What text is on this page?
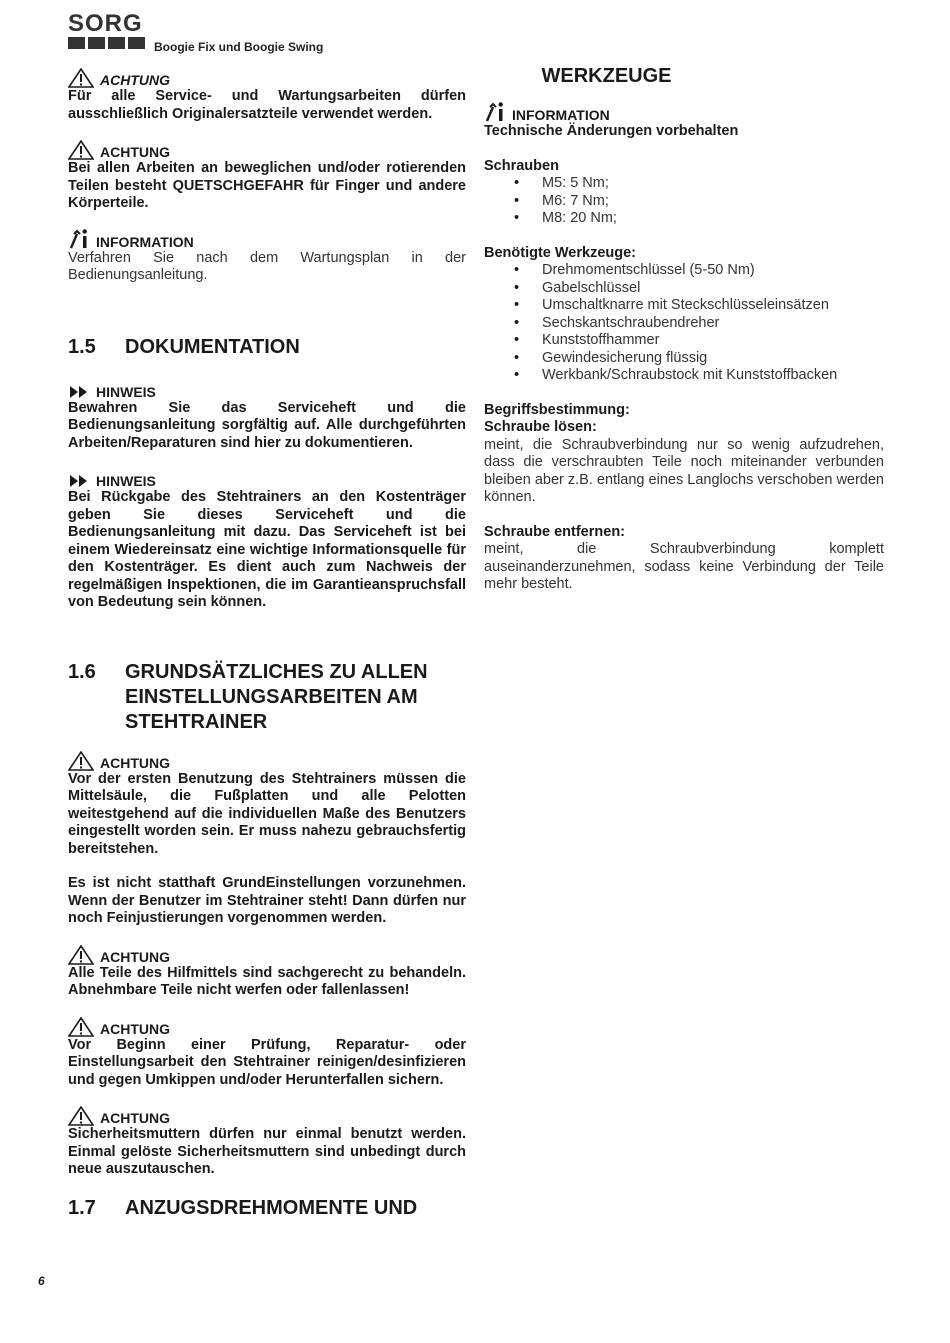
SORG
Boogie Fix und Boogie Swing
ACHTUNG
Für alle Service- und Wartungsarbeiten dürfen ausschließlich Originalersatzteile verwendet werden.
ACHTUNG
Bei allen Arbeiten an beweglichen und/oder rotierenden Teilen besteht QUETSCHGEFAHR für Finger und andere Körperteile.
INFORMATION
Verfahren Sie nach dem Wartungsplan in der Bedienungsanleitung.
1.5	DOKUMENTATION
HINWEIS
Bewahren Sie das Serviceheft und die Bedienungsanleitung sorgfältig auf. Alle durchgeführten Arbeiten/Reparaturen sind hier zu dokumentieren.
HINWEIS
Bei Rückgabe des Stehtrainers an den Kostenträger geben Sie dieses Serviceheft und die Bedienungsanleitung mit dazu. Das Serviceheft ist bei einem Wiedereinsatz eine wichtige Informationsquelle für den Kostenträger. Es dient auch zum Nachweis der regelmäßigen Inspektionen, die im Garantieanspruchsfall von Bedeutung sein können.
1.6	GRUNDSÄTZLICHES ZU ALLEN EINSTELLUNGSARBEITEN AM STEHTRAINER
ACHTUNG
Vor der ersten Benutzung des Stehtrainers müssen die Mittelsäule, die Fußplatten und alle Pelotten weitestgehend auf die individuellen Maße des Benutzers eingestellt worden sein. Er muss nahezu gebrauchsfertig bereitstehen.
Es ist nicht statthaft GrundEinstellungen vorzunehmen. Wenn der Benutzer im Stehtrainer steht! Dann dürfen nur noch Feinjustierungen vorgenommen werden.
ACHTUNG
Alle Teile des Hilfmittels sind sachgerecht zu behandeln. Abnehmbare Teile nicht werfen oder fallenlassen!
ACHTUNG
Vor Beginn einer Prüfung, Reparatur- oder Einstellungsarbeit den Stehtrainer reinigen/desinfizieren und gegen Umkippen und/oder Herunterfallen sichern.
ACHTUNG
Sicherheitsmuttern dürfen nur einmal benutzt werden. Einmal gelöste Sicherheitsmuttern sind unbedingt durch neue auszutauschen.
1.7	ANZUGSDREHMOMENTE UND
WERKZEUGE
INFORMATION
Technische Änderungen vorbehalten
Schrauben
• M5: 5 Nm;
• M6: 7 Nm;
• M8: 20 Nm;
Benötigte Werkzeuge:
• Drehmomentschlüssel (5-50 Nm)
• Gabelschlüssel
• Umschaltknarre mit Steckschlüsseleinsätzen
• Sechskantschraubendreher
• Kunststoffhammer
• Gewindesicherung flüssig
• Werkbank/Schraubstock mit Kunststoffbacken
Begriffsbestimmung:
Schraube lösen:
meint, die Schraubverbindung nur so wenig aufzudrehen, dass die verschraubten Teile noch miteinander verbunden bleiben aber z.B. entlang eines Langlochs verschoben werden können.
Schraube entfernen:
meint, die Schraubverbindung komplett auseinanderzunehmen, sodass keine Verbindung der Teile mehr besteht.
6
